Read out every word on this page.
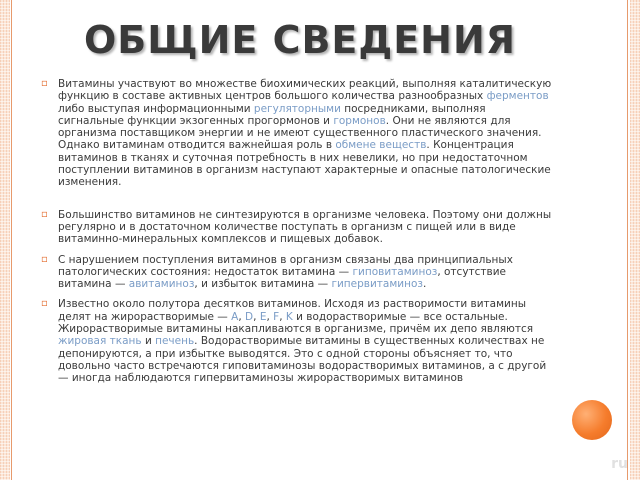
ОБЩИЕ СВЕДЕНИЯ
▫ Витамины участвуют во множестве биохимических реакций, выполняя каталитическую функцию в составе активных центров большого количества разнообразных ферментов либо выступая информационными регуляторными посредниками, выполняя сигнальные функции экзогенных прогормонов и гормонов. Они не являются для организма поставщиком энергии и не имеют существенного пластического значения. Однако витаминам отводится важнейшая роль в обмене веществ. Концентрация витаминов в тканях и суточная потребность в них невелики, но при недостаточном поступлении витаминов в организм наступают характерные и опасные патологические изменения.
▫ Большинство витаминов не синтезируются в организме человека. Поэтому они должны регулярно и в достаточном количестве поступать в организм с пищей или в виде витаминно-минеральных комплексов и пищевых добавок.
▫ С нарушением поступления витаминов в организм связаны два принципиальных патологических состояния: недостаток витамина — гиповитаминоз, отсутствие витамина — авитаминоз, и избыток витамина — гипервитаминоз.
▫ Известно около полутора десятков витаминов. Исходя из растворимости витамины делят на жирорастворимые — A, D, E, F, K и водорастворимые — все остальные. Жирорастворимые витамины накапливаются в организме, причём их депо являются жировая ткань и печень. Водорастворимые витамины в существенных количествах не депонируются, а при избытке выводятся. Это с одной стороны объясняет то, что довольно часто встречаются гиповитаминозы водорастворимых витаминов, а с другой — иногда наблюдаются гипервитаминозы жирорастворимых витаминов

ru
